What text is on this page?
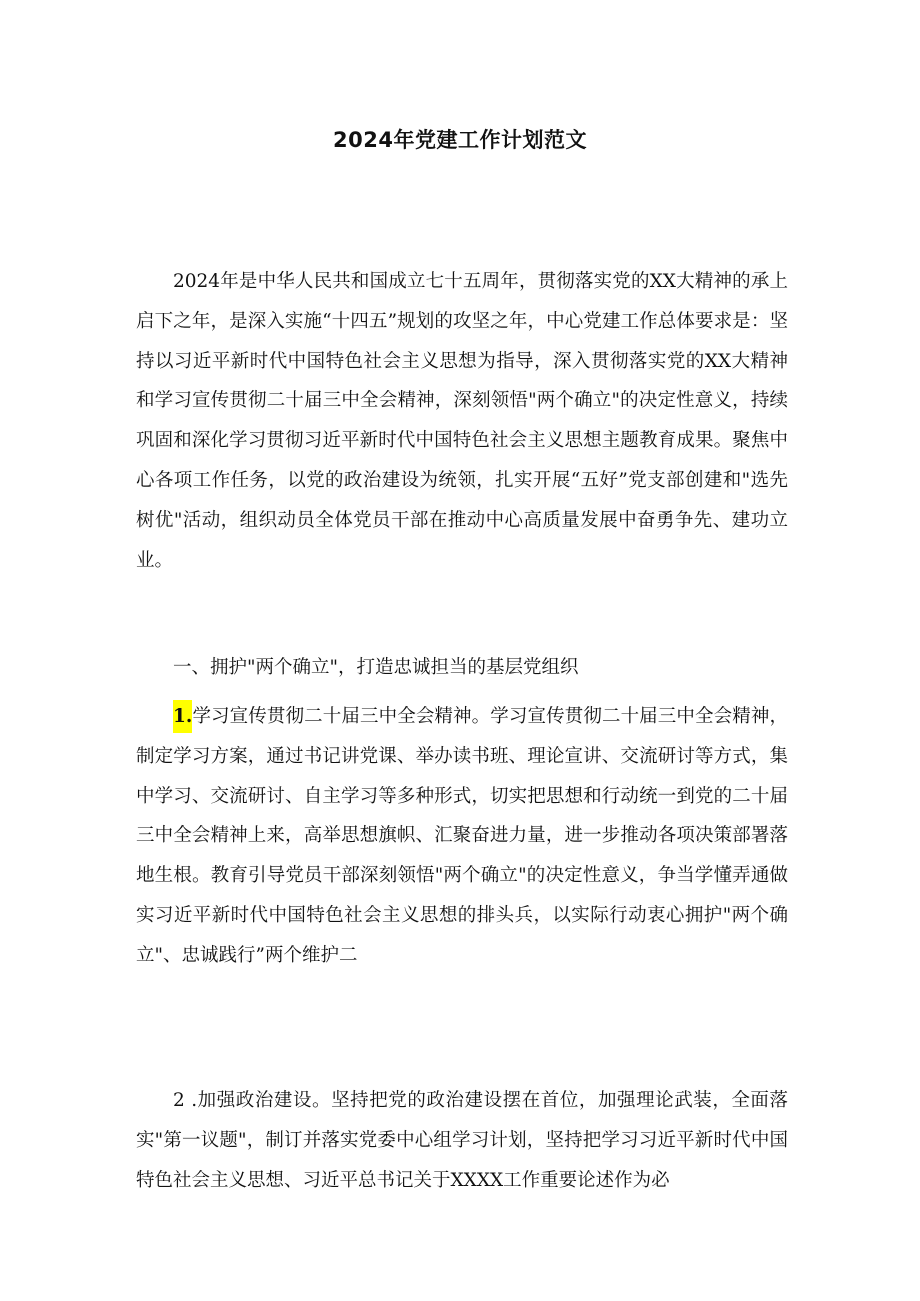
2024年党建工作计划范文

2024年是中华人民共和国成立七十五周年，贯彻落实党的XX大精神的承上启下之年，是深入实施“十四五”规划的攻坚之年，中心党建工作总体要求是：坚持以习近平新时代中国特色社会主义思想为指导，深入贯彻落实党的XX大精神和学习宣传贯彻二十届三中全会精神，深刻领悟"两个确立"的决定性意义，持续巩固和深化学习贯彻习近平新时代中国特色社会主义思想主题教育成果。聚焦中心各项工作任务，以党的政治建设为统领，扎实开展“五好”党支部创建和"选先树优"活动，组织动员全体党员干部在推动中心高质量发展中奋勇争先、建功立业。

一、拥护"两个确立"，打造忠诚担当的基层党组织

1.学习宣传贯彻二十届三中全会精神。学习宣传贯彻二十届三中全会精神，制定学习方案，通过书记讲党课、举办读书班、理论宣讲、交流研讨等方式，集中学习、交流研讨、自主学习等多种形式，切实把思想和行动统一到党的二十届三中全会精神上来，高举思想旗帜、汇聚奋进力量，进一步推动各项决策部署落地生根。教育引导党员干部深刻领悟"两个确立"的决定性意义，争当学懂弄通做实习近平新时代中国特色社会主义思想的排头兵，以实际行动衷心拥护"两个确立"、忠诚践行”两个维护二

2 .加强政治建设。坚持把党的政治建设摆在首位，加强理论武装，全面落实"第一议题"，制订并落实党委中心组学习计划，坚持把学习习近平新时代中国特色社会主义思想、习近平总书记关于XXXX工作重要论述作为必
